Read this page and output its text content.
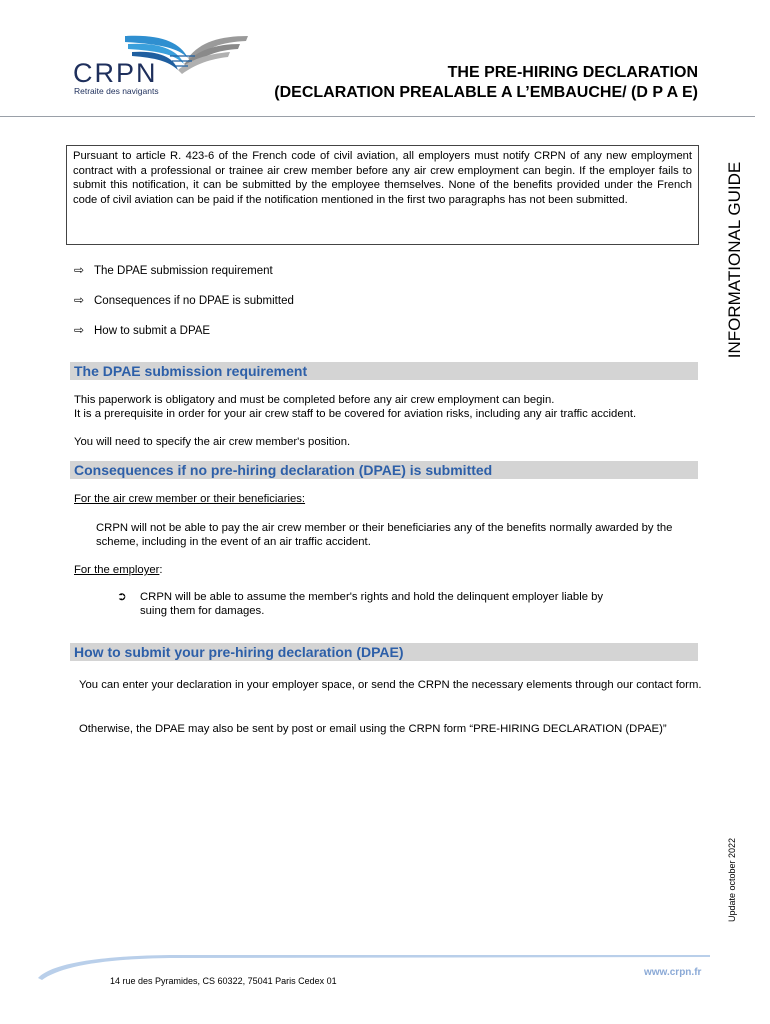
CRPN
Retraite des navigants
THE PRE-HIRING DECLARATION
(DECLARATION PREALABLE A L’EMBAUCHE/ (D P A E)
INFORMATIONAL GUIDE
Pursuant to article R. 423-6 of the French code of civil aviation, all employers must notify CRPN of any new employment contract with a professional or trainee air crew member before any air crew employment can begin. If the employer fails to submit this notification, it can be submitted by the employee themselves. None of the benefits provided under the French code of civil aviation can be paid if the notification mentioned in the first two paragraphs has not been submitted.
⇨ The DPAE submission requirement
⇨ Consequences if no DPAE is submitted
⇨ How to submit a DPAE
The DPAE submission requirement
This paperwork is obligatory and must be completed before any air crew employment can begin.
It is a prerequisite in order for your air crew staff to be covered for aviation risks, including any air traffic accident.
You will need to specify the air crew member's position.
Consequences if no pre-hiring declaration (DPAE) is submitted
For the air crew member or their beneficiaries:
CRPN will not be able to pay the air crew member or their beneficiaries any of the benefits normally awarded by the scheme, including in the event of an air traffic accident.
For the employer:
➲ CRPN will be able to assume the member's rights and hold the delinquent employer liable by suing them for damages.
How to submit your pre-hiring declaration (DPAE)
You can enter your declaration in your employer space, or send the CRPN the necessary elements through our contact form.
Otherwise, the DPAE may also be sent by post or email using the CRPN form “PRE-HIRING DECLARATION (DPAE)”
Update october 2022
14 rue des Pyramides, CS 60322, 75041 Paris Cedex 01
www.crpn.fr
